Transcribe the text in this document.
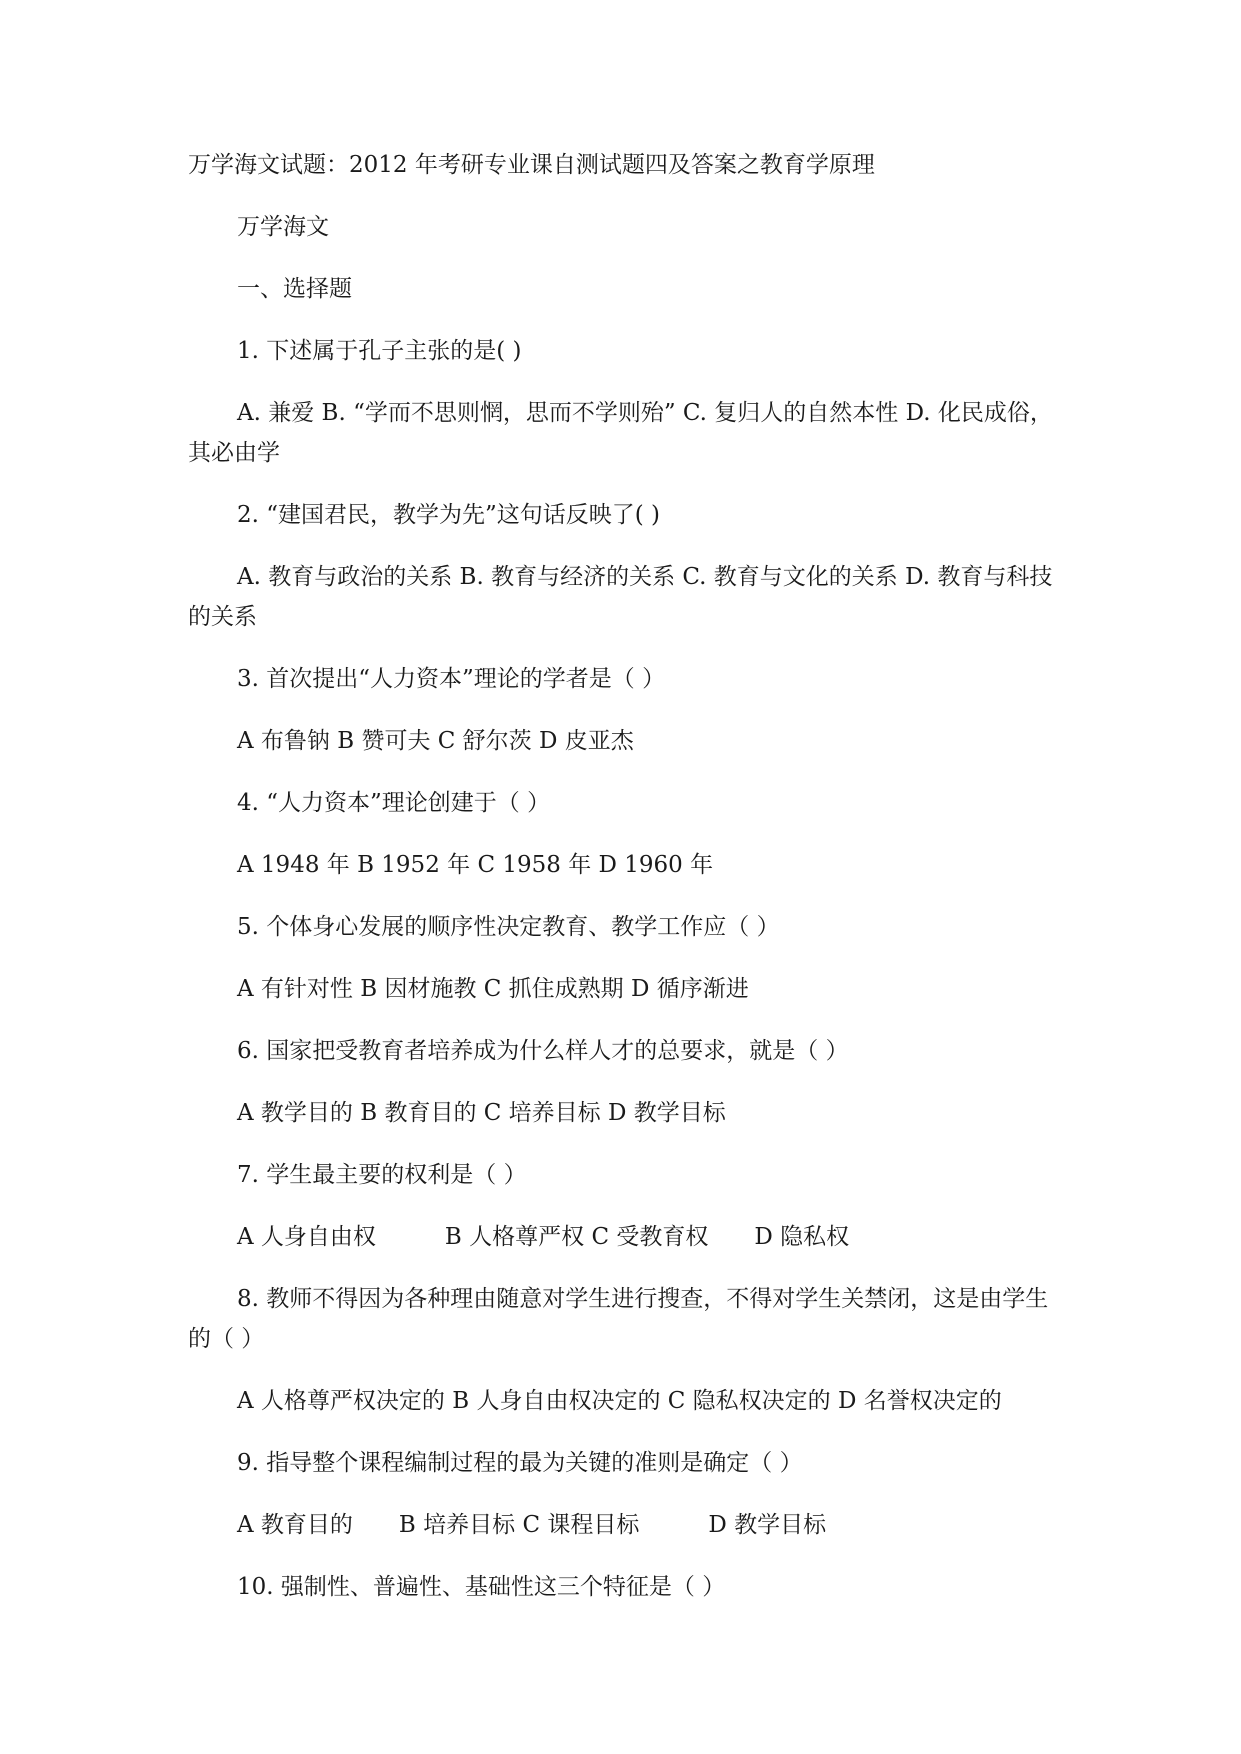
万学海文试题：2012 年考研专业课自测试题四及答案之教育学原理
万学海文
一、选择题
1. 下述属于孔子主张的是( )
A. 兼爱 B. “学而不思则惘，思而不学则殆” C. 复归人的自然本性 D. 化民成俗，其必由学
2. “建国君民，教学为先”这句话反映了( )
A. 教育与政治的关系 B. 教育与经济的关系 C. 教育与文化的关系 D. 教育与科技的关系
3. 首次提出“人力资本”理论的学者是（ ）
A 布鲁钠 B 赞可夫 C 舒尔茨 D 皮亚杰
4. “人力资本”理论创建于（ ）
A 1948 年 B 1952 年 C 1958 年 D 1960 年
5. 个体身心发展的顺序性决定教育、教学工作应（ ）
A 有针对性 B 因材施教 C 抓住成熟期 D 循序渐进
6. 国家把受教育者培养成为什么样人才的总要求，就是（ ）
A 教学目的 B 教育目的 C 培养目标 D 教学目标
7. 学生最主要的权利是（ ）
A 人身自由权　　　B 人格尊严权 C 受教育权　　D 隐私权
8. 教师不得因为各种理由随意对学生进行搜查，不得对学生关禁闭，这是由学生的（ ）
A 人格尊严权决定的 B 人身自由权决定的 C 隐私权决定的 D 名誉权决定的
9. 指导整个课程编制过程的最为关键的准则是确定（ ）
A 教育目的　　B 培养目标 C 课程目标　　　D 教学目标
10. 强制性、普遍性、基础性这三个特征是（ ）
